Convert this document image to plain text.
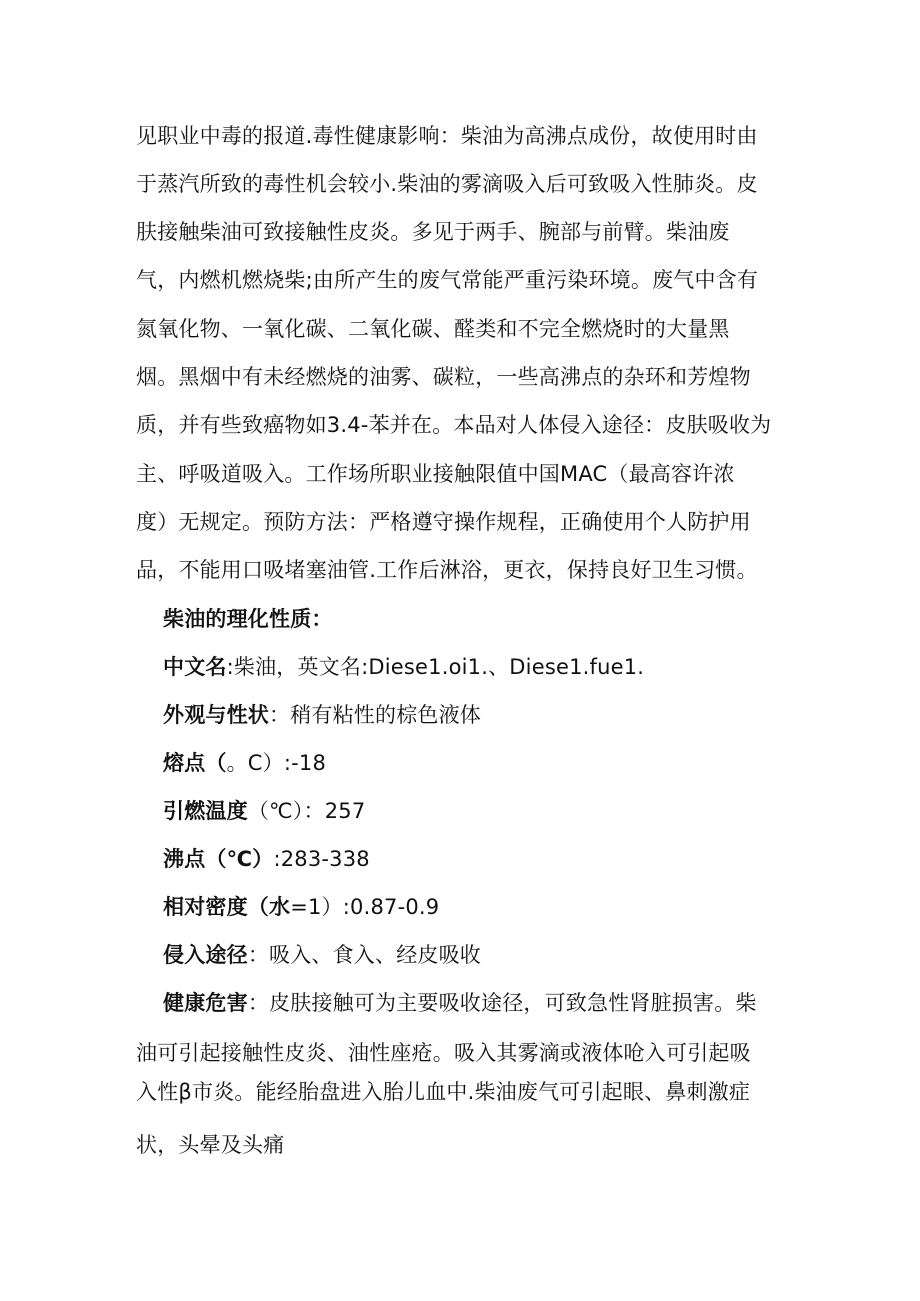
见职业中毒的报道.毒性健康影响：柴油为高沸点成份，故使用时由
于蒸汽所致的毒性机会较小.柴油的雾滴吸入后可致吸入性肺炎。皮
肤接触柴油可致接触性皮炎。多见于两手、腕部与前臂。柴油废
气，内燃机燃烧柴;由所产生的废气常能严重污染环境。废气中含有
氮氧化物、一氧化碳、二氧化碳、醛类和不完全燃烧时的大量黑
烟。黑烟中有未经燃烧的油雾、碳粒，一些高沸点的杂环和芳煌物
质，并有些致癌物如3.4-苯并在。本品对人体侵入途径：皮肤吸收为
主、呼吸道吸入。工作场所职业接触限值中国MAC（最高容许浓
度）无规定。预防方法：严格遵守操作规程，正确使用个人防护用
品，不能用口吸堵塞油管.工作后淋浴，更衣，保持良好卫生习惯。
柴油的理化性质：
中文名:柴油，英文名:Diese1.oi1.、Diese1.fue1.
外观与性状：稍有粘性的棕色液体
熔点（。C）:-18
引燃温度（℃）：257
沸点（℃）:283-338
相对密度（水=1）:0.87-0.9
侵入途径：吸入、食入、经皮吸收
健康危害：皮肤接触可为主要吸收途径，可致急性肾脏损害。柴
油可引起接触性皮炎、油性座疮。吸入其雾滴或液体呛入可引起吸
入性β市炎。能经胎盘进入胎儿血中.柴油废气可引起眼、鼻刺激症
状，头晕及头痛
